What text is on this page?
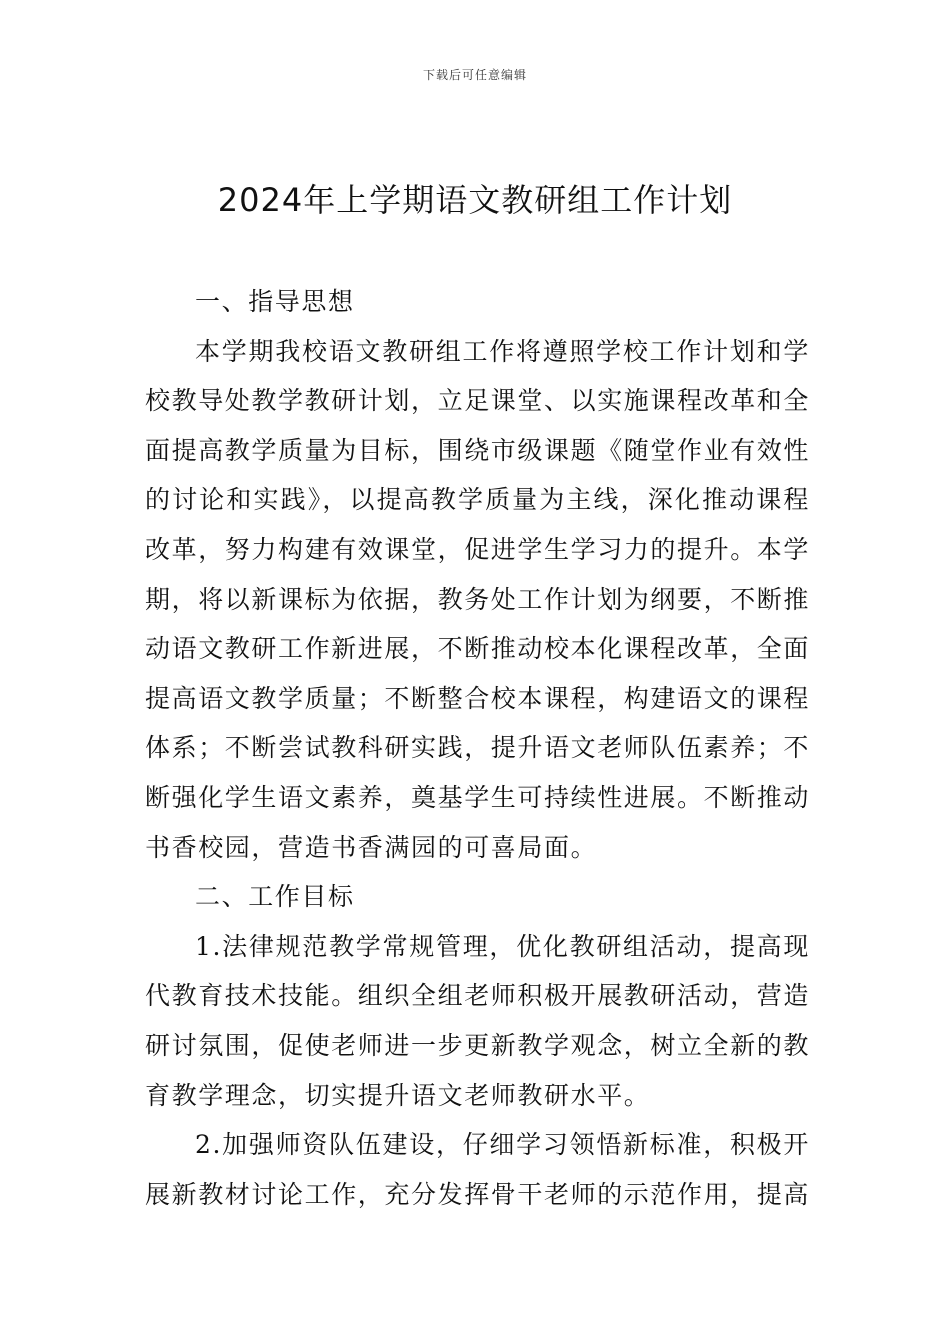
下载后可任意编辑
2024年上学期语文教研组工作计划

一、指导思想

本学期我校语文教研组工作将遵照学校工作计划和学校教导处教学教研计划，立足课堂、以实施课程改革和全面提高教学质量为目标，围绕市级课题《随堂作业有效性的讨论和实践》，以提高教学质量为主线，深化推动课程改革，努力构建有效课堂，促进学生学习力的提升。本学期，将以新课标为依据，教务处工作计划为纲要，不断推动语文教研工作新进展，不断推动校本化课程改革，全面提高语文教学质量；不断整合校本课程，构建语文的课程体系；不断尝试教科研实践，提升语文老师队伍素养；不断强化学生语文素养，奠基学生可持续性进展。不断推动书香校园，营造书香满园的可喜局面。

二、工作目标

1.法律规范教学常规管理，优化教研组活动，提高现代教育技术技能。组织全组老师积极开展教研活动，营造研讨氛围，促使老师进一步更新教学观念，树立全新的教育教学理念，切实提升语文老师教研水平。

2.加强师资队伍建设，仔细学习领悟新标准，积极开展新教材讨论工作，充分发挥骨干老师的示范作用，提高
